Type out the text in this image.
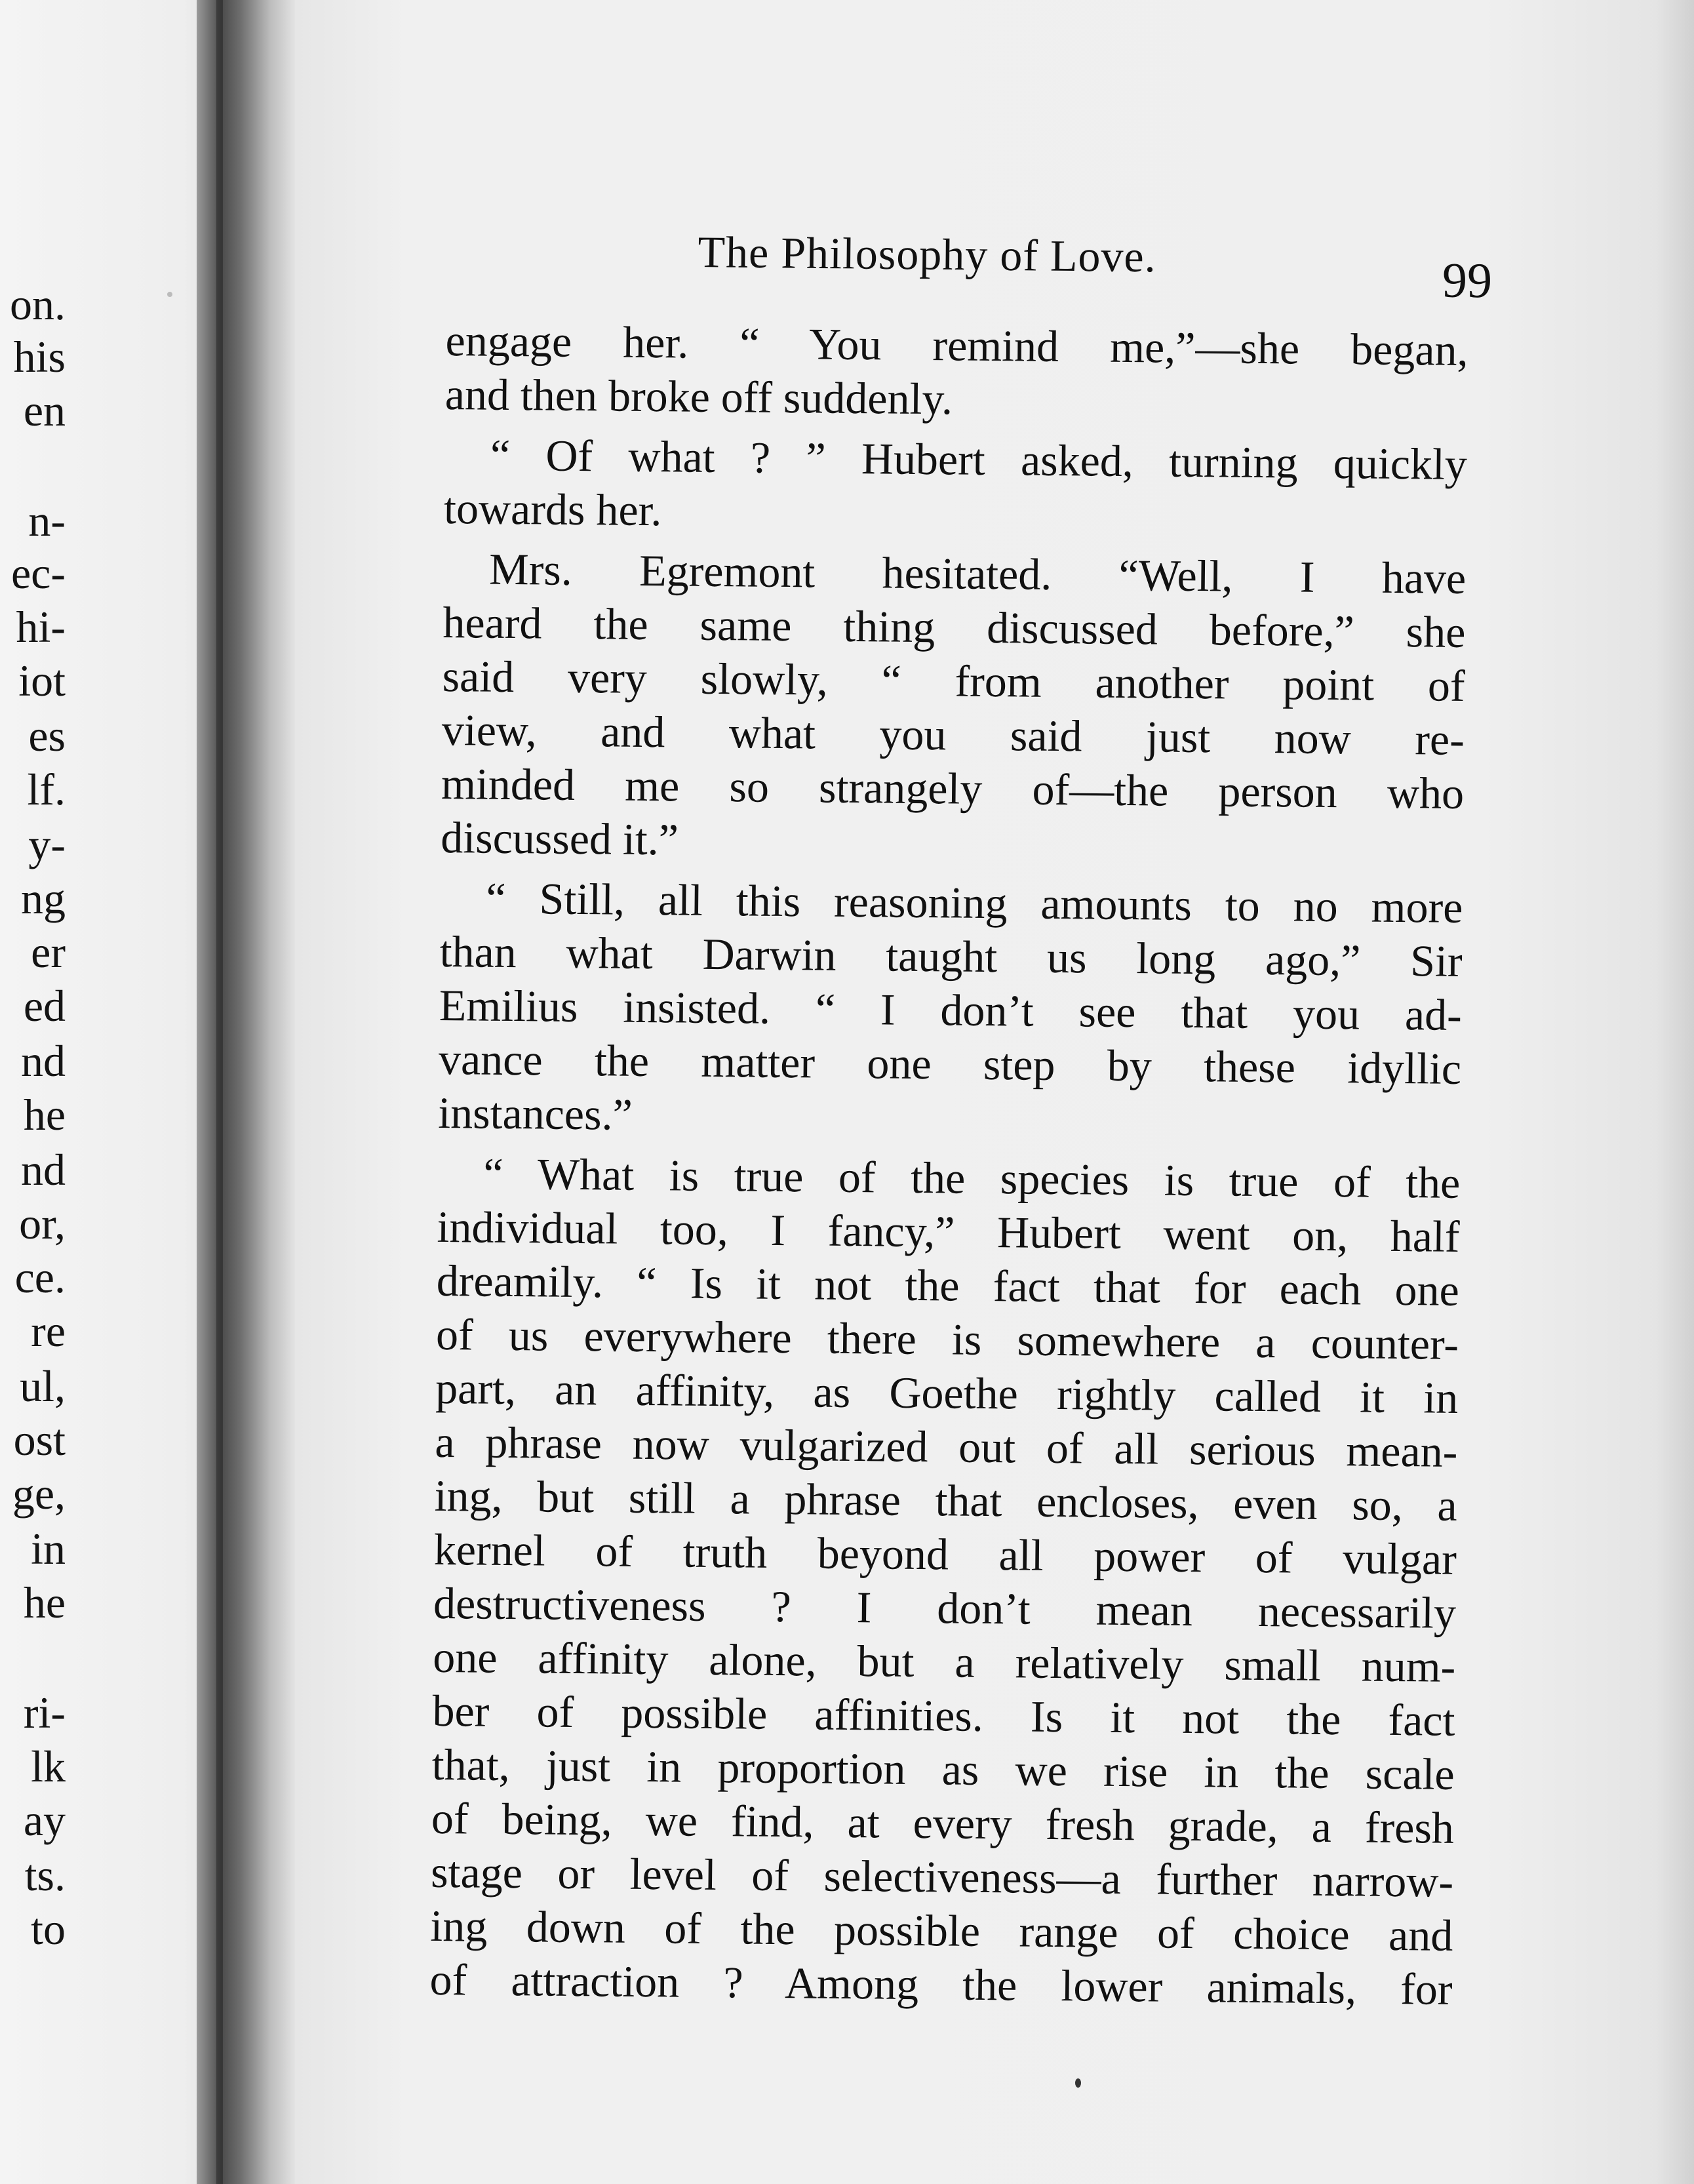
on.
his
en
n-
ec-
hi-
iot
es
lf.
y-
ng
er
ed
nd
he
nd
or,
ce.
re
ul,
ost
ge,
in
he
ri-
lk
ay
ts.
to
The Philosophy of Love.	99
engage her. “ You remind me,”—she began,
and then broke off suddenly.
“ Of what ? ” Hubert asked, turning quickly
towards her.
Mrs. Egremont hesitated. “Well, I have
heard the same thing discussed before,” she
said very slowly, “ from another point of
view, and what you said just now re-
minded me so strangely of—the person who
discussed it.”
“ Still, all this reasoning amounts to no more
than what Darwin taught us long ago,” Sir
Emilius insisted. “ I don’t see that you ad-
vance the matter one step by these idyllic
instances.”
“ What is true of the species is true of the
individual too, I fancy,” Hubert went on, half
dreamily. “ Is it not the fact that for each one
of us everywhere there is somewhere a counter-
part, an affinity, as Goethe rightly called it in
a phrase now vulgarized out of all serious mean-
ing, but still a phrase that encloses, even so, a
kernel of truth beyond all power of vulgar
destructiveness ? I don’t mean necessarily
one affinity alone, but a relatively small num-
ber of possible affinities. Is it not the fact
that, just in proportion as we rise in the scale
of being, we find, at every fresh grade, a fresh
stage or level of selectiveness—a further narrow-
ing down of the possible range of choice and
of attraction ? Among the lower animals, for
